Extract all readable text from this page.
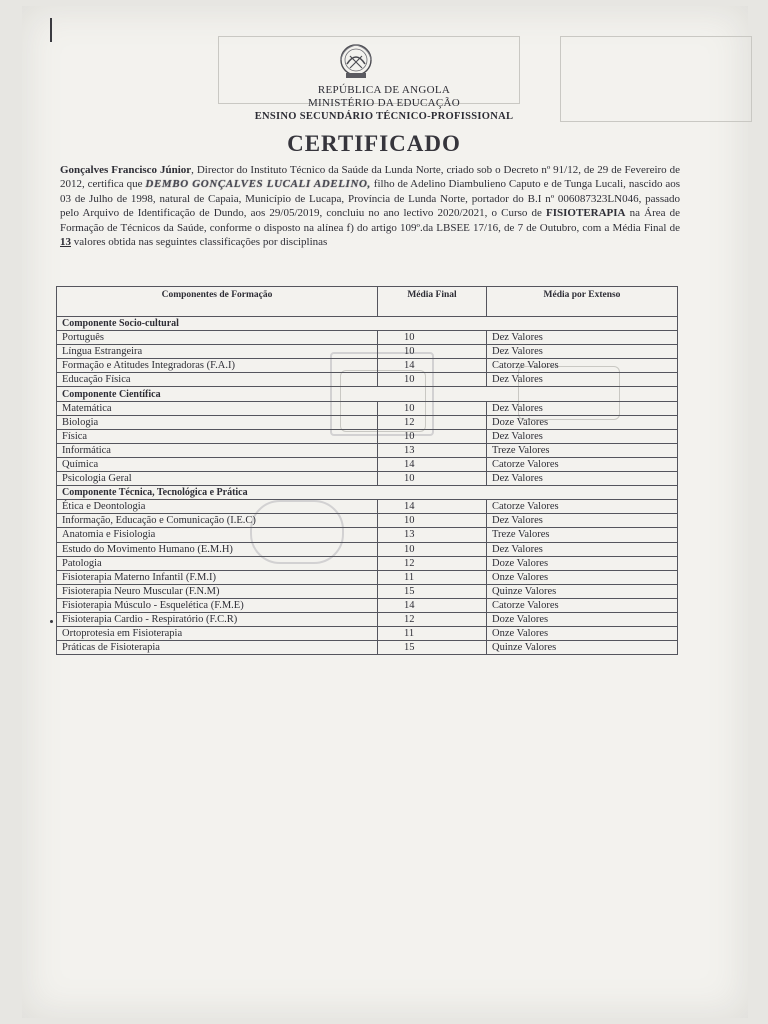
REPÚBLICA DE ANGOLA
MINISTÉRIO DA EDUCAÇÃO
ENSINO SECUNDÁRIO TÉCNICO-PROFISSIONAL
CERTIFICADO
Gonçalves Francisco Júnior, Director do Instituto Técnico da Saúde da Lunda Norte, criado sob o Decreto nº 91/12, de 29 de Fevereiro de 2012, certifica que DEMBO GONÇALVES LUCALI ADELINO, filho de Adelino Diambulieno Caputo e de Tunga Lucali, nascido aos 03 de Julho de 1998, natural de Capaia, Município de Lucapa, Província de Lunda Norte, portador do B.I nº 006087323LN046, passado pelo Arquivo de Identificação de Dundo, aos 29/05/2019, concluiu no ano lectivo 2020/2021, o Curso de FISIOTERAPIA na Área de Formação de Técnicos da Saúde, conforme o disposto na alínea f) do artigo 109º.da LBSEE 17/16, de 7 de Outubro, com a Média Final de 13 valores obtida nas seguintes classificações por disciplinas
Componentes de Formação	Média Final	Média por Extenso
Componente Socio-cultural		
Português	10	Dez Valores
Língua Estrangeira	10	Dez Valores
Formação e Atitudes Integradoras (F.A.I)	14	Catorze Valores
Educação Física	10	Dez Valores
Componente Científica		
Matemática	10	Dez Valores
Biologia	12	Doze Valores
Física	10	Dez Valores
Informática	13	Treze Valores
Química	14	Catorze Valores
Psicologia Geral	10	Dez Valores
Componente Técnica, Tecnológica e Prática		
Ética e Deontologia	14	Catorze Valores
Informação, Educação e Comunicação (I.E.C)	10	Dez Valores
Anatomia e Fisiologia	13	Treze Valores
Estudo do Movimento Humano (E.M.H)	10	Dez Valores
Patologia	12	Doze Valores
Fisioterapia Materno Infantil (F.M.I)	11	Onze Valores
Fisioterapia Neuro Muscular (F.N.M)	15	Quinze Valores
Fisioterapia Músculo - Esquelética (F.M.E)	14	Catorze Valores
Fisioterapia Cardio - Respiratório (F.C.R)	12	Doze Valores
Ortoprotesia em Fisioterapia	11	Onze Valores
Práticas de Fisioterapia	15	Quinze Valores
